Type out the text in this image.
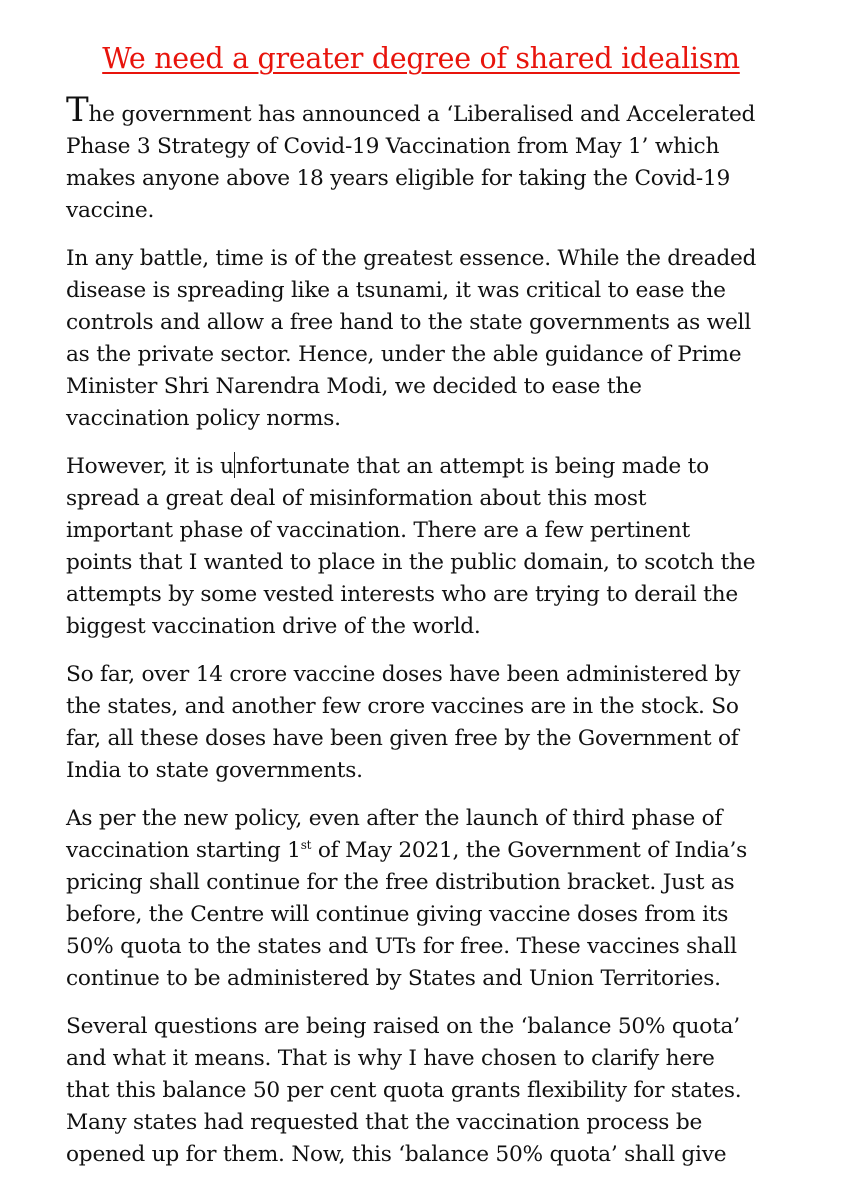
We need a greater degree of shared idealism

The government has announced a ‘Liberalised and Accelerated
Phase 3 Strategy of Covid-19 Vaccination from May 1’ which
makes anyone above 18 years eligible for taking the Covid-19
vaccine.

In any battle, time is of the greatest essence. While the dreaded
disease is spreading like a tsunami, it was critical to ease the
controls and allow a free hand to the state governments as well
as the private sector. Hence, under the able guidance of Prime
Minister Shri Narendra Modi, we decided to ease the
vaccination policy norms.

However, it is unfortunate that an attempt is being made to
spread a great deal of misinformation about this most
important phase of vaccination. There are a few pertinent
points that I wanted to place in the public domain, to scotch the
attempts by some vested interests who are trying to derail the
biggest vaccination drive of the world.

So far, over 14 crore vaccine doses have been administered by
the states, and another few crore vaccines are in the stock. So
far, all these doses have been given free by the Government of
India to state governments.

As per the new policy, even after the launch of third phase of
vaccination starting 1st of May 2021, the Government of India’s
pricing shall continue for the free distribution bracket. Just as
before, the Centre will continue giving vaccine doses from its
50% quota to the states and UTs for free. These vaccines shall
continue to be administered by States and Union Territories.

Several questions are being raised on the ‘balance 50% quota’
and what it means. That is why I have chosen to clarify here
that this balance 50 per cent quota grants flexibility for states.
Many states had requested that the vaccination process be
opened up for them. Now, this ‘balance 50% quota’ shall give
